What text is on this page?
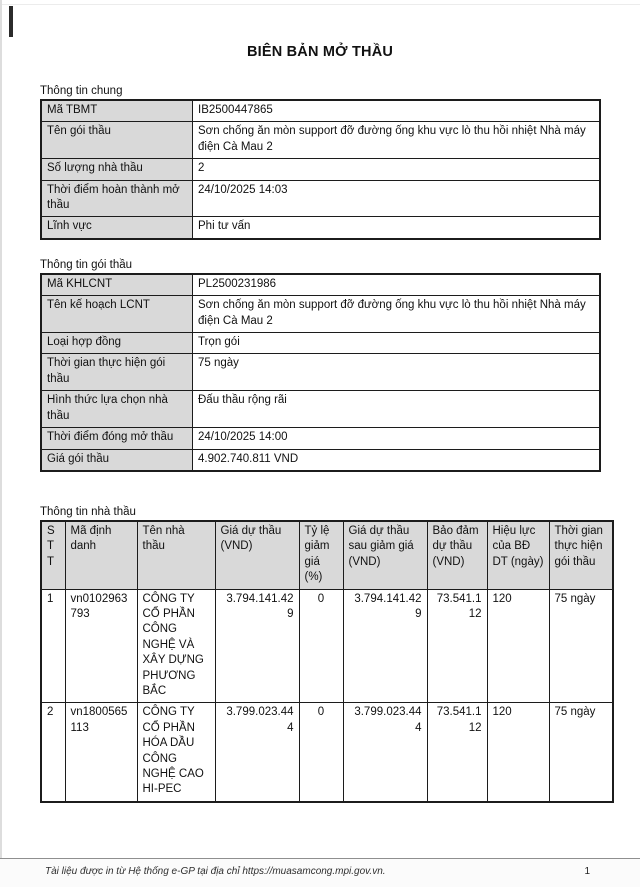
BIÊN BẢN MỞ THẦU
Thông tin chung
Mã TBMT	IB2500447865
Tên gói thầu	Sơn chống ăn mòn support đỡ đường ống khu vực lò thu hồi nhiệt Nhà máy điện Cà Mau 2
Số lượng nhà thầu	2
Thời điểm hoàn thành mở thầu	24/10/2025 14:03
Lĩnh vực	Phi tư vấn
Thông tin gói thầu
Mã KHLCNT	PL2500231986
Tên kế hoạch LCNT	Sơn chống ăn mòn support đỡ đường ống khu vực lò thu hồi nhiệt Nhà máy điện Cà Mau 2
Loại hợp đồng	Trọn gói
Thời gian thực hiện gói thầu	75 ngày
Hình thức lựa chọn nhà thầu	Đấu thầu rộng rãi
Thời điểm đóng mở thầu	24/10/2025 14:00
Giá gói thầu	4.902.740.811 VND
Thông tin nhà thầu
STT	Mã định danh	Tên nhà thầu	Giá dự thầu (VND)	Tỷ lệ giảm giá (%)	Giá dự thầu sau giảm giá (VND)	Bảo đảm dự thầu (VND)	Hiệu lực của BĐ DT (ngày)	Thời gian thực hiện gói thầu
1	vn0102963793	CÔNG TY CỔ PHẦN CÔNG NGHỆ VÀ XÂY DỰNG PHƯƠNG BẮC	3.794.141.429	0	3.794.141.429	73.541.112	120	75 ngày
2	vn1800565113	CÔNG TY CỔ PHẦN HÓA DẦU CÔNG NGHỆ CAO HI-PEC	3.799.023.444	0	3.799.023.444	73.541.112	120	75 ngày
Tài liệu được in từ Hệ thống e-GP tại địa chỉ https://muasamcong.mpi.gov.vn.	1
